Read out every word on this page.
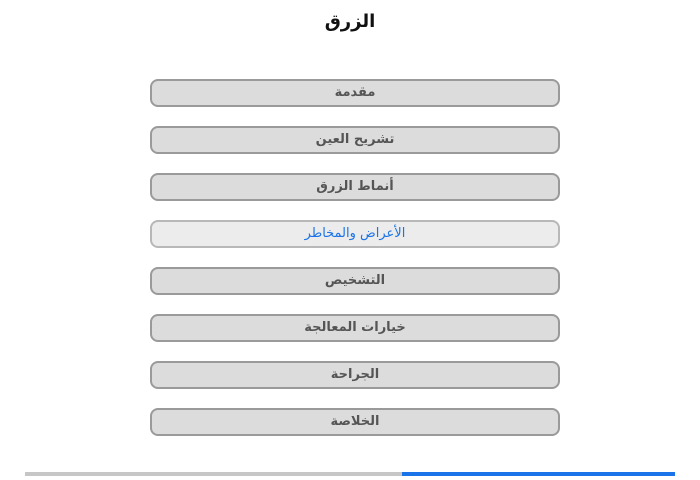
الزرق
مقدمة
تشريح العين
أنماط الزرق
الأعراض والمخاطر
التشخيص
خيارات المعالجة
الجراحة
الخلاصة
